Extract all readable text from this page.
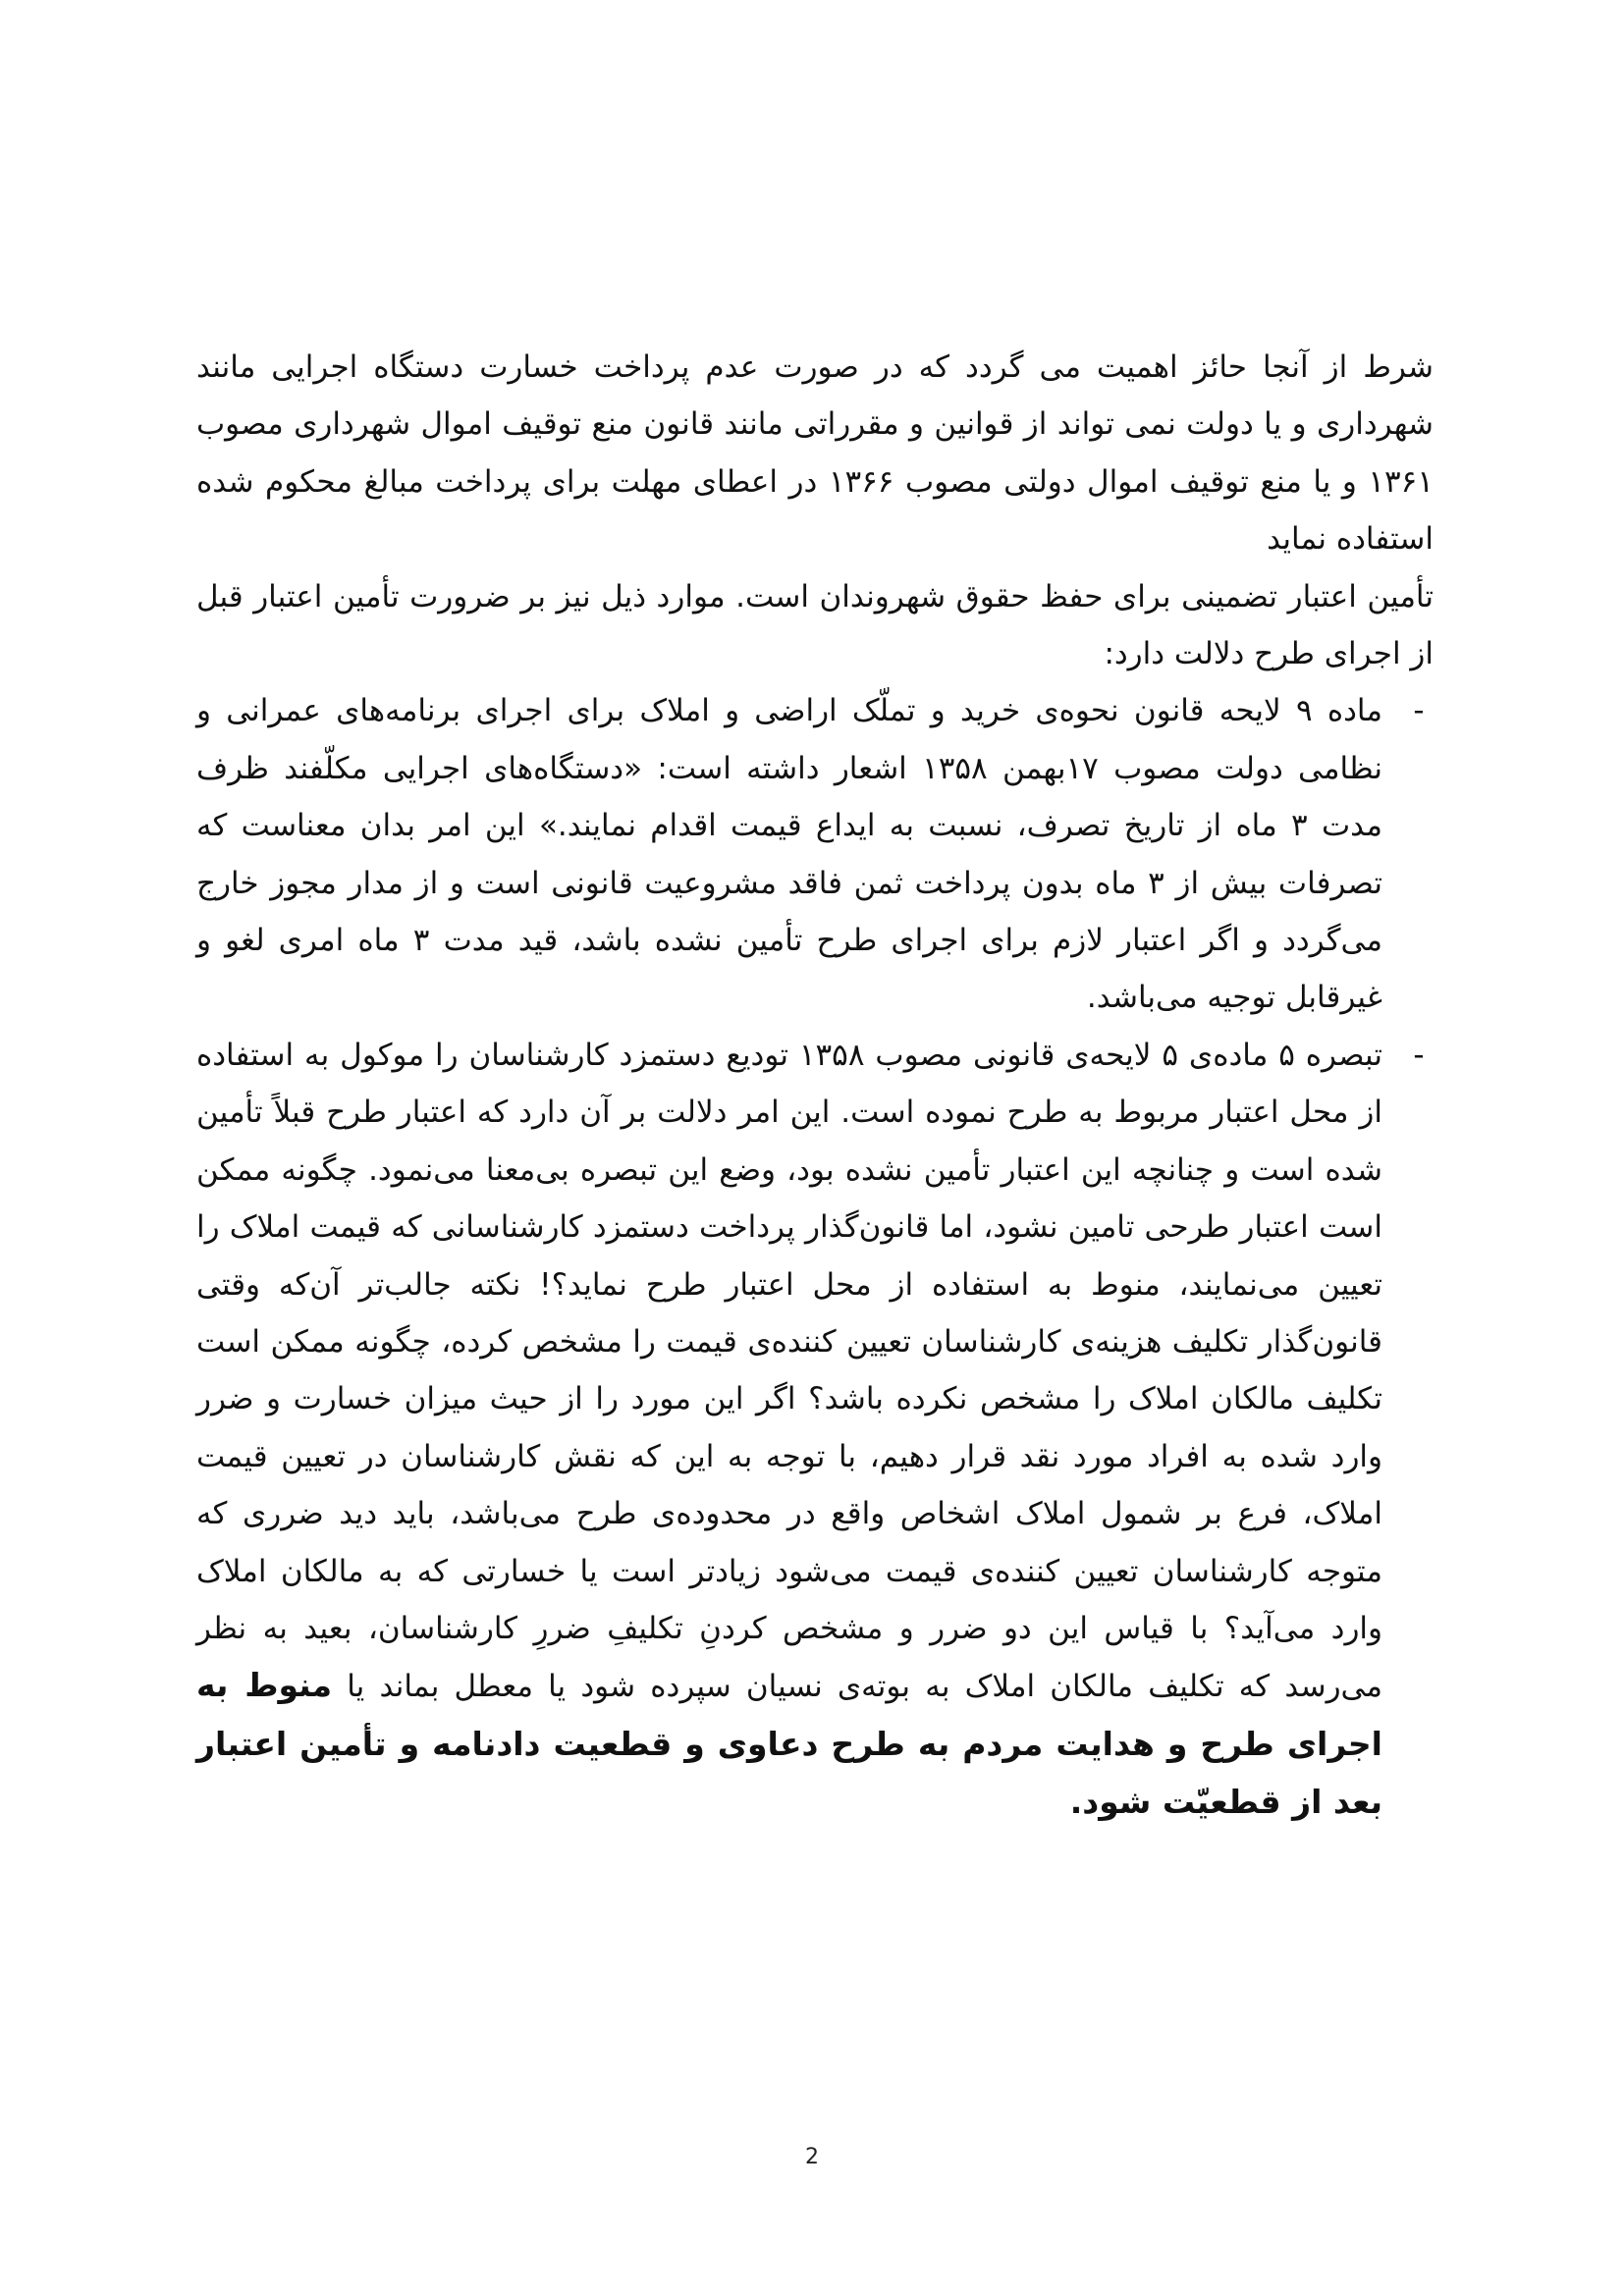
شرط از آنجا حائز اهمیت می گردد که در صورت عدم پرداخت خسارت دستگاه اجرایی مانند شهرداری و یا دولت نمی تواند از قوانین و مقرراتی مانند قانون منع توقیف اموال شهرداری مصوب ۱۳۶۱ و یا منع توقیف اموال دولتی مصوب ۱۳۶۶ در اعطای مهلت برای پرداخت مبالغ محکوم شده استفاده نماید

تأمین اعتبار تضمینی برای حفظ حقوق شهروندان است. موارد ذیل نیز بر ضرورت تأمین اعتبار قبل از اجرای طرح دلالت دارد:

-
ماده ۹ لایحه قانون نحوه‌ی خرید و تملّک اراضی و املاک برای اجرای برنامه‌های عمرانی و نظامی دولت مصوب ۱۷بهمن ۱۳۵۸ اشعار داشته است: «دستگاه‌های اجرایی مکلّفند ظرف مدت ۳ ماه از تاریخ تصرف، نسبت به ایداع قیمت اقدام نمایند.» این امر بدان معناست که تصرفات بیش از ۳ ماه بدون پرداخت ثمن فاقد مشروعیت قانونی است و از مدار مجوز خارج می‌گردد و اگر اعتبار لازم برای اجرای طرح تأمین نشده باشد، قید مدت ۳ ماه امری لغو و غیرقابل توجیه می‌باشد.
-
تبصره ۵ ماده‌ی ۵ لایحه‌ی قانونی مصوب ۱۳۵۸ توديع دستمزد کارشناسان را موکول به استفاده از محل اعتبار مربوط به طرح نموده است. این امر دلالت بر آن دارد که اعتبار طرح قبلاً تأمین شده است و چنانچه این اعتبار تأمین نشده بود، وضع این تبصره بی‌معنا می‌نمود. چگونه ممکن است اعتبار طرحی تامین نشود، اما قانون‌گذار پرداخت دستمزد کارشناسانی که قیمت املاک را تعیین می‌نمایند، منوط به استفاده از محل اعتبار طرح نماید؟! نکته جالب‌تر آن‌که وقتی قانون‌گذار تکلیف هزینه‌ی کارشناسان تعیین کننده‌ی قیمت را مشخص کرده، چگونه ممکن است تکلیف مالکان املاک را مشخص نکرده باشد؟ اگر این مورد را از حیث میزان خسارت و ضرر وارد شده به افراد مورد نقد قرار دهیم، با توجه به این که نقش کارشناسان در تعیین قیمت املاک، فرع بر شمول املاک اشخاص واقع در محدوده‌ی طرح می‌باشد، باید دید ضرری که متوجه کارشناسان تعیین کننده‌ی قیمت می‌شود زیادتر است یا خسارتی که به مالکان املاک وارد می‌آید؟ با قیاس این دو ضرر و مشخص کردنِ تکلیفِ ضررِ کارشناسان، بعید به نظر می‌رسد که تکلیف مالکان املاک به بوته‌ی نسیان سپرده شود یا معطل بماند یا منوط به اجرای طرح و هدایت مردم به طرح دعاوی و قطعیت دادنامه و تأمین اعتبار بعد از قطعیّت شود.
2
